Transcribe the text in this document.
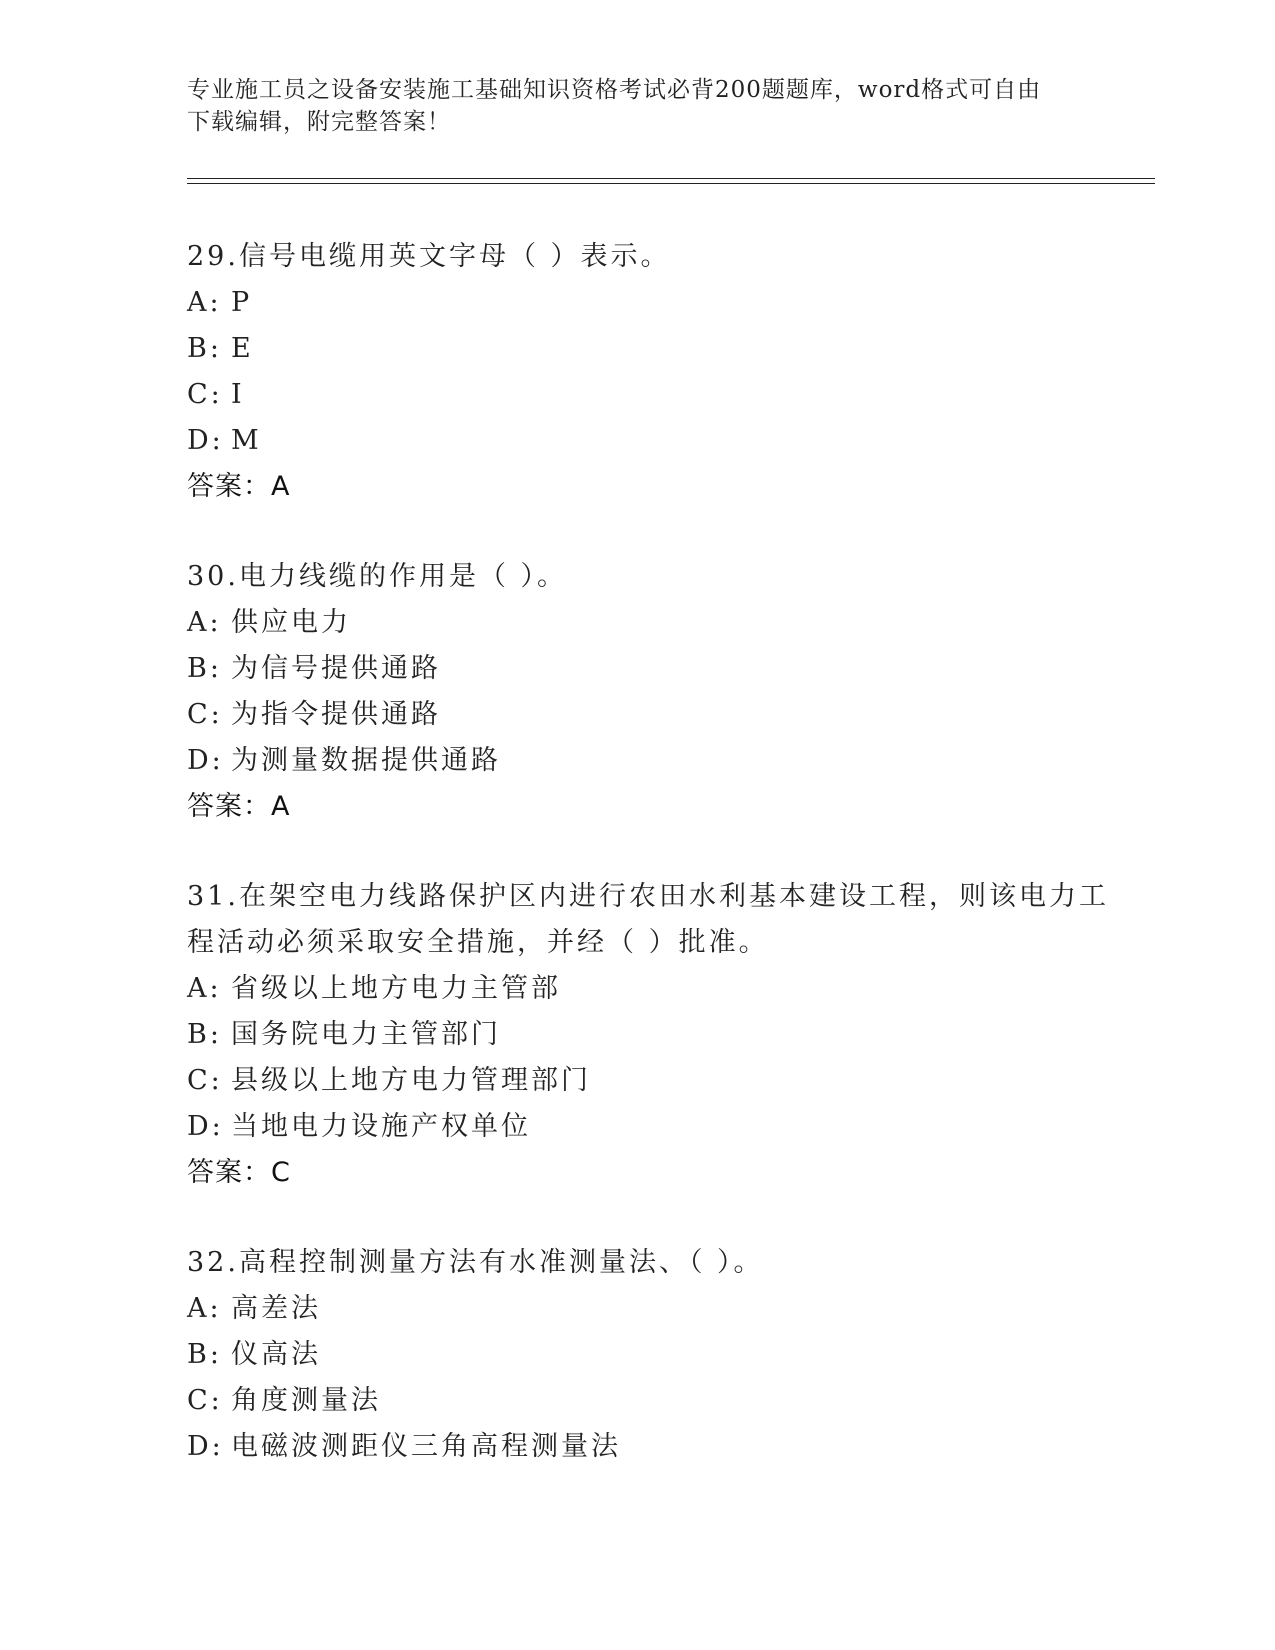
专业施工员之设备安装施工基础知识资格考试必背200题题库，word格式可自由
下载编辑，附完整答案！
29.信号电缆用英文字母（ ）表示。
A: P
B: E
C: I
D: M
答案：A
30.电力线缆的作用是（ ）。
A: 供应电力
B: 为信号提供通路
C: 为指令提供通路
D: 为测量数据提供通路
答案：A
31.在架空电力线路保护区内进行农田水利基本建设工程，则该电力工
程活动必须采取安全措施，并经（ ）批准。
A: 省级以上地方电力主管部
B: 国务院电力主管部门
C: 县级以上地方电力管理部门
D: 当地电力设施产权单位
答案：C
32.高程控制测量方法有水准测量法、（ ）。
A: 高差法
B: 仪高法
C: 角度测量法
D: 电磁波测距仪三角高程测量法
